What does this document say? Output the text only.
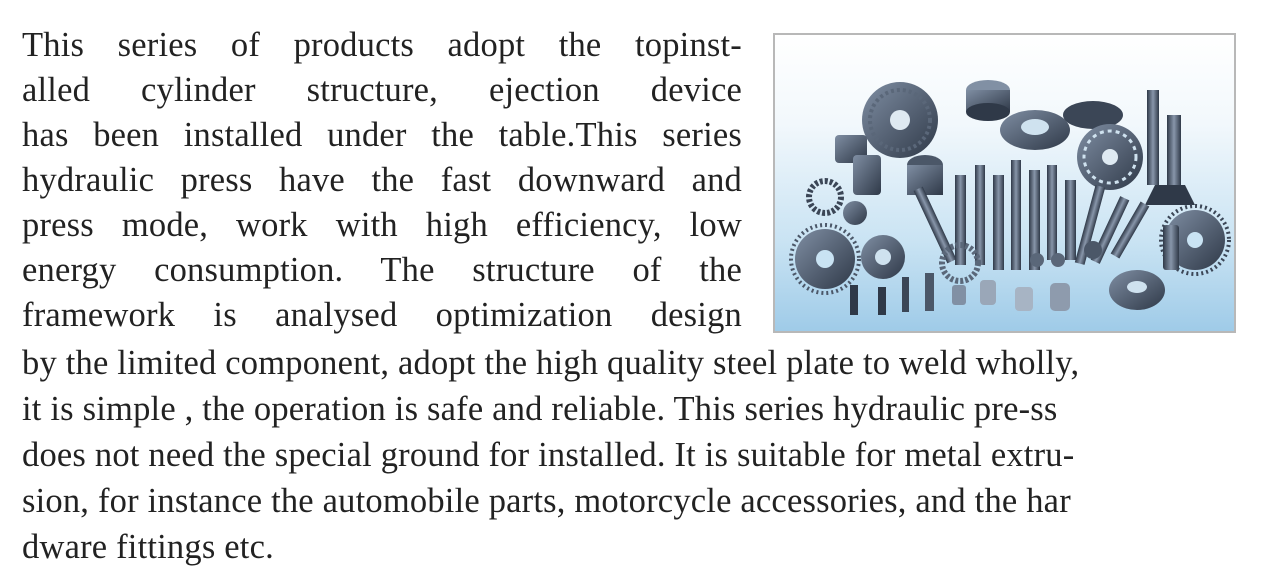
This series of products adopt the topinst-
alled cylinder structure, ejection device
has been installed under the table.This series
hydraulic press have the fast downward and
press mode, work with high efficiency, low
energy consumption. The structure of the
framework is analysed optimization design
by the limited component, adopt the high quality steel plate to weld wholly,
it is simple , the operation is safe and reliable. This series hydraulic pre-ss
does not need the special ground for installed. It is suitable for metal extru-
sion, for instance the automobile parts, motorcycle accessories, and the har
dware fittings etc.
